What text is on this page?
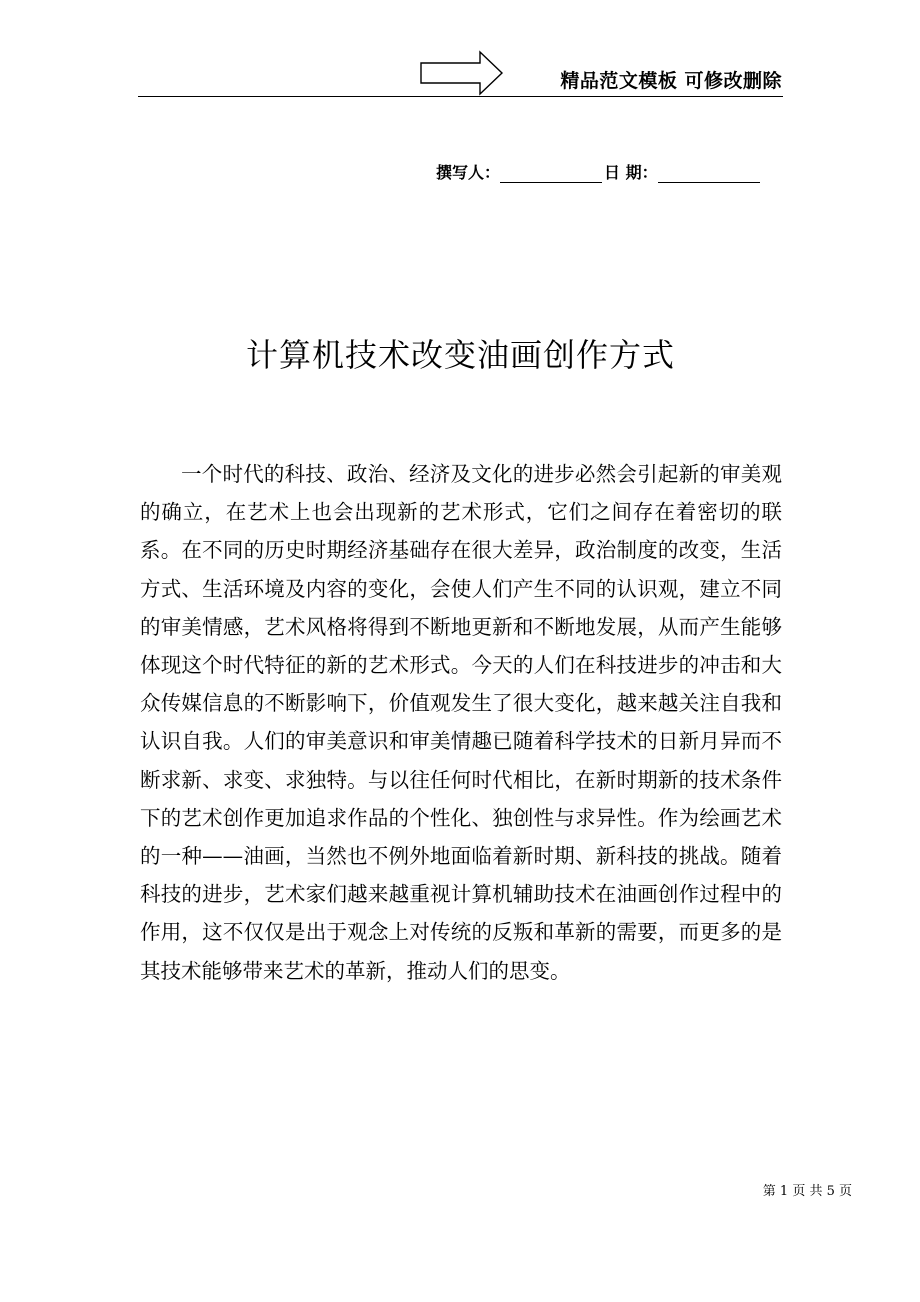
精品范文模板 可修改删除
撰写人：	日 期：
计算机技术改变油画创作方式

一个时代的科技、政治、经济及文化的进步必然会引起新的审美观的确立，在艺术上也会出现新的艺术形式，它们之间存在着密切的联系。在不同的历史时期经济基础存在很大差异，政治制度的改变，生活方式、生活环境及内容的变化，会使人们产生不同的认识观，建立不同的审美情感，艺术风格将得到不断地更新和不断地发展，从而产生能够体现这个时代特征的新的艺术形式。今天的人们在科技进步的冲击和大众传媒信息的不断影响下，价值观发生了很大变化，越来越关注自我和认识自我。人们的审美意识和审美情趣已随着科学技术的日新月异而不断求新、求变、求独特。与以往任何时代相比，在新时期新的技术条件下的艺术创作更加追求作品的个性化、独创性与求异性。作为绘画艺术的一种——油画，当然也不例外地面临着新时期、新科技的挑战。随着科技的进步，艺术家们越来越重视计算机辅助技术在油画创作过程中的作用，这不仅仅是出于观念上对传统的反叛和革新的需要，而更多的是其技术能够带来艺术的革新，推动人们的思变。

第 1 页 共 5 页
